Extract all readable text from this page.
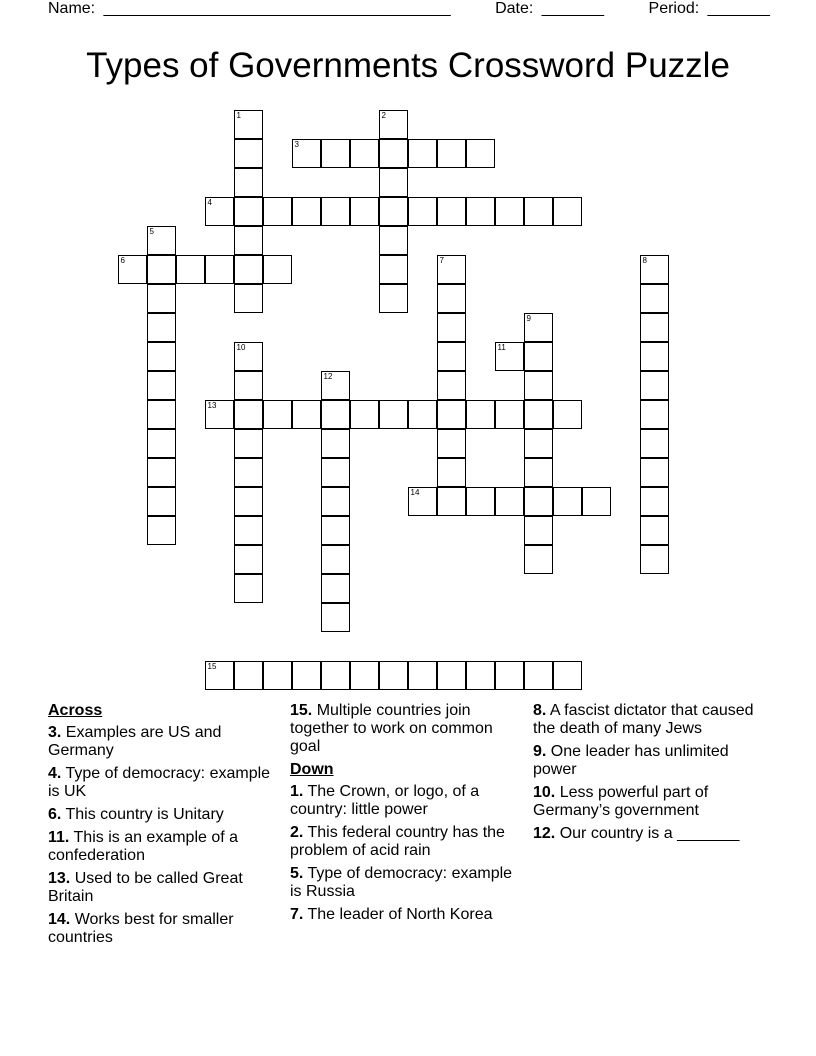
Name: _______________________________________	Date: _______	Period: _______
Types of Governments Crossword Puzzle
1	2
3
4
5
6	7	8
9
10	11
12
13
14
15
Across
3. Examples are US and Germany
4. Type of democracy: example is UK
6. This country is Unitary
11. This is an example of a confederation
13. Used to be called Great Britain
14. Works best for smaller countries
15. Multiple countries join together to work on common goal
Down
1. The Crown, or logo, of a country: little power
2. This federal country has the problem of acid rain
5. Type of democracy: example is Russia
7. The leader of North Korea
8. A fascist dictator that caused the death of many Jews
9. One leader has unlimited power
10. Less powerful part of Germany’s government
12. Our country is a _______
